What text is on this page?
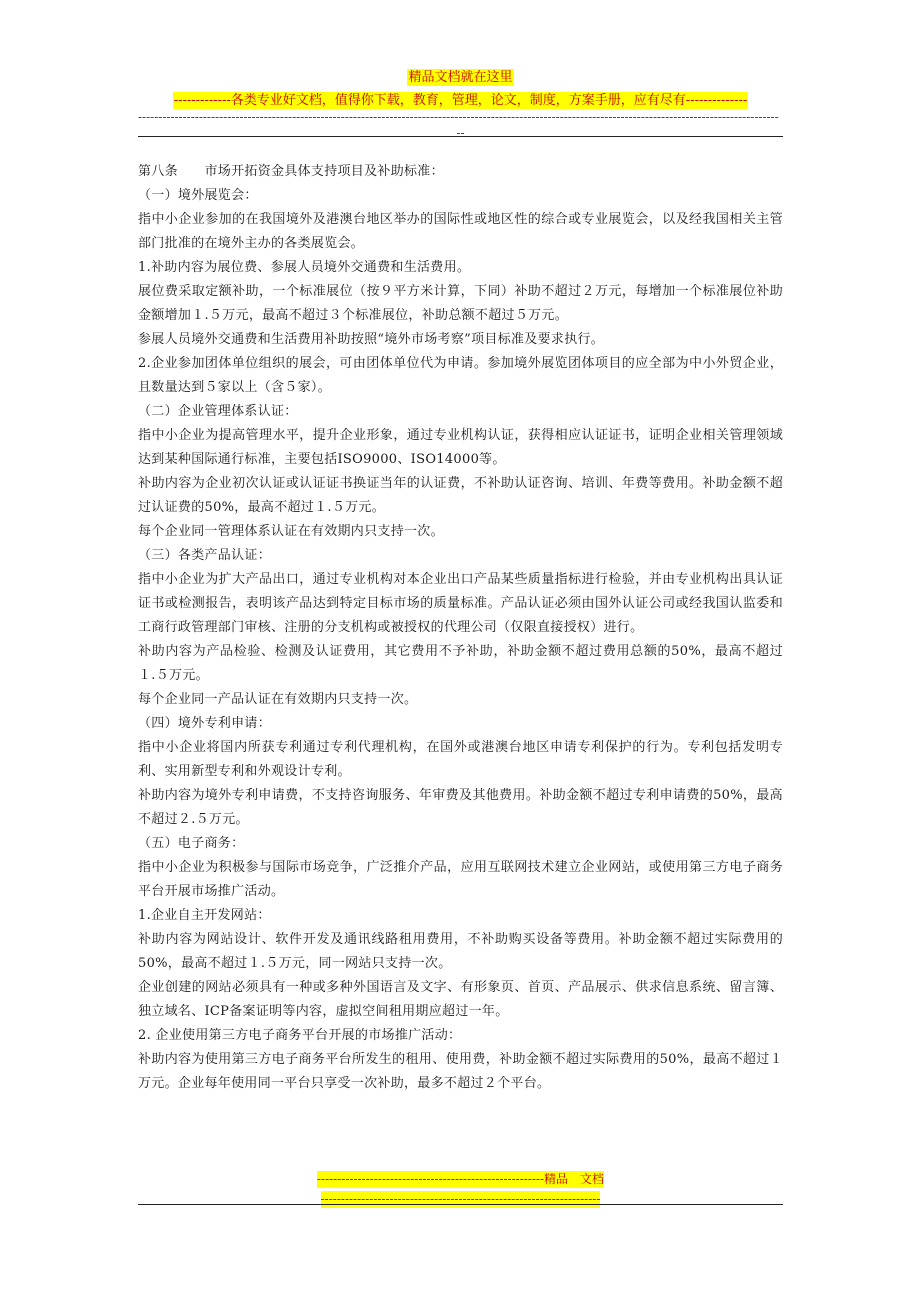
精品文档就在这里
-------------各类专业好文档，值得你下载，教育，管理，论文，制度，方案手册，应有尽有--------------
--------------------------------------------------------------------------------------------------------------------------------------------------------------
--

第八条　　市场开拓资金具体支持项目及补助标准：

（一）境外展览会：

指中小企业参加的在我国境外及港澳台地区举办的国际性或地区性的综合或专业展览会，以及经我国相关主管部门批准的在境外主办的各类展览会。

1.补助内容为展位费、参展人员境外交通费和生活费用。

展位费采取定额补助，一个标准展位（按９平方米计算，下同）补助不超过２万元，每增加一个标准展位补助金额增加１.５万元，最高不超过３个标准展位，补助总额不超过５万元。

参展人员境外交通费和生活费用补助按照“境外市场考察”项目标准及要求执行。

2.企业参加团体单位组织的展会，可由团体单位代为申请。参加境外展览团体项目的应全部为中小外贸企业，且数量达到５家以上（含５家）。

（二）企业管理体系认证：

指中小企业为提高管理水平，提升企业形象，通过专业机构认证，获得相应认证证书，证明企业相关管理领域达到某种国际通行标准，主要包括ISO9000、ISO14000等。

补助内容为企业初次认证或认证证书换证当年的认证费，不补助认证咨询、培训、年费等费用。补助金额不超过认证费的50%，最高不超过１.５万元。

每个企业同一管理体系认证在有效期内只支持一次。

（三）各类产品认证：

指中小企业为扩大产品出口，通过专业机构对本企业出口产品某些质量指标进行检验，并由专业机构出具认证证书或检测报告，表明该产品达到特定目标市场的质量标准。产品认证必须由国外认证公司或经我国认监委和工商行政管理部门审核、注册的分支机构或被授权的代理公司（仅限直接授权）进行。

补助内容为产品检验、检测及认证费用，其它费用不予补助，补助金额不超过费用总额的50%，最高不超过１.５万元。

每个企业同一产品认证在有效期内只支持一次。

（四）境外专利申请：

指中小企业将国内所获专利通过专利代理机构，在国外或港澳台地区申请专利保护的行为。专利包括发明专利、实用新型专利和外观设计专利。

补助内容为境外专利申请费，不支持咨询服务、年审费及其他费用。补助金额不超过专利申请费的50%，最高不超过２.５万元。

（五）电子商务：

指中小企业为积极参与国际市场竞争，广泛推介产品，应用互联网技术建立企业网站，或使用第三方电子商务平台开展市场推广活动。

1.企业自主开发网站：

补助内容为网站设计、软件开发及通讯线路租用费用，不补助购买设备等费用。补助金额不超过实际费用的50%，最高不超过１.５万元，同一网站只支持一次。

企业创建的网站必须具有一种或多种外国语言及文字、有形象页、首页、产品展示、供求信息系统、留言簿、独立域名、ICP备案证明等内容，虚拟空间租用期应超过一年。

2. 企业使用第三方电子商务平台开展的市场推广活动：

补助内容为使用第三方电子商务平台所发生的租用、使用费，补助金额不超过实际费用的50%，最高不超过１万元。企业每年使用同一平台只享受一次补助，最多不超过２个平台。

--------------------------------------------------------精品　文档
---------------------------------------------------------------------
